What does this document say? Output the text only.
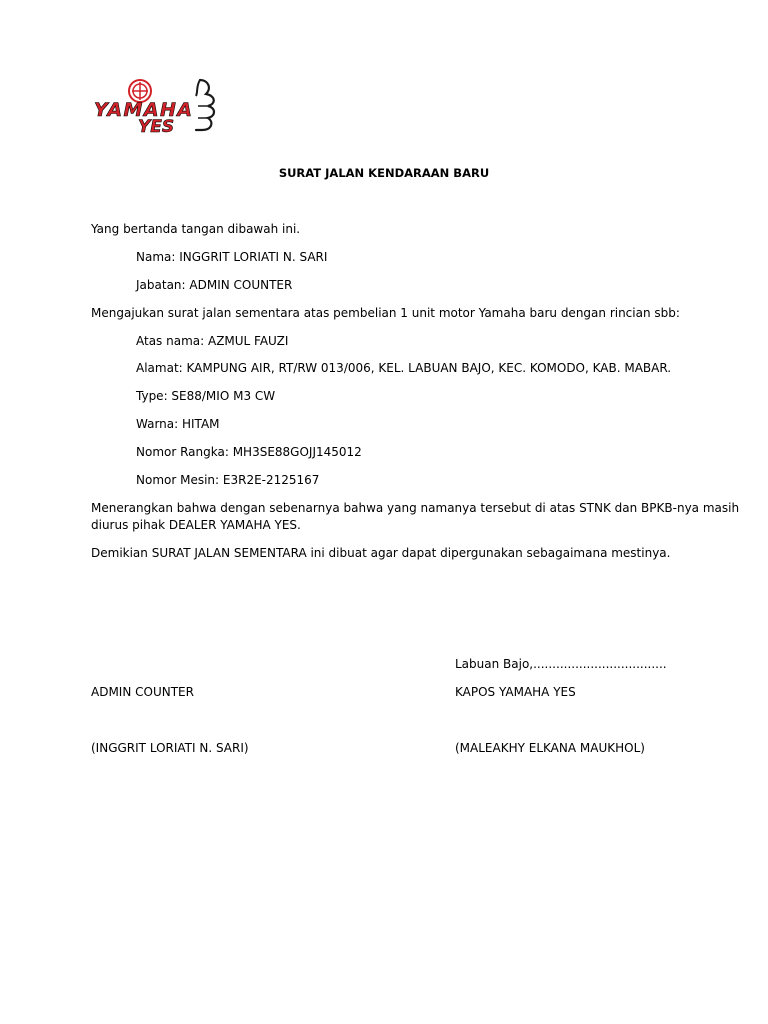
YAMAHA
YES
SURAT JALAN KENDARAAN BARU
Yang bertanda tangan dibawah ini.
Nama: INGGRIT LORIATI N. SARI
Jabatan: ADMIN COUNTER
Mengajukan surat jalan sementara atas pembelian 1 unit motor Yamaha baru dengan rincian sbb:
Atas nama: AZMUL FAUZI
Alamat: KAMPUNG AIR, RT/RW 013/006, KEL. LABUAN BAJO, KEC. KOMODO, KAB. MABAR.
Type: SE88/MIO M3 CW
Warna: HITAM
Nomor Rangka: MH3SE88GOJJ145012
Nomor Mesin: E3R2E-2125167
Menerangkan bahwa dengan sebenarnya bahwa yang namanya tersebut di atas STNK dan BPKB-nya masih
diurus pihak DEALER YAMAHA YES.
Demikian SURAT JALAN SEMENTARA ini dibuat agar dapat dipergunakan sebagaimana mestinya.
Labuan Bajo,...................................
ADMIN COUNTER	KAPOS YAMAHA YES
(INGGRIT LORIATI N. SARI)	(MALEAKHY ELKANA MAUKHOL)
